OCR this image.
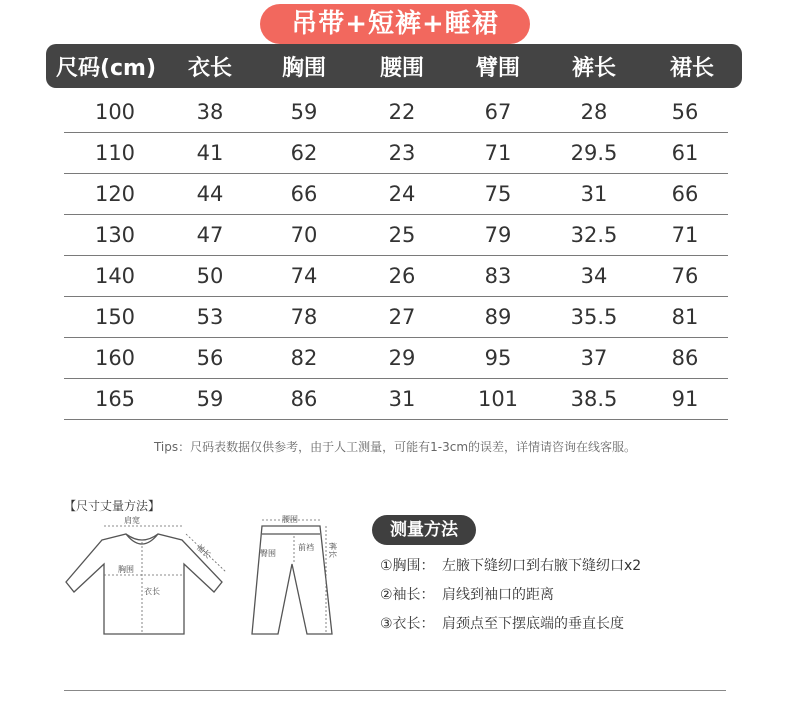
吊带+短裤+睡裙
尺码(cm)	衣长	胸围	腰围	臂围	裤长	裙长
100	38	59	22	67	28	56
110	41	62	23	71	29.5	61
120	44	66	24	75	31	66
130	47	70	25	79	32.5	71
140	50	74	26	83	34	76
150	53	78	27	89	35.5	81
160	56	82	29	95	37	86
165	59	86	31	101	38.5	91
Tips：尺码表数据仅供参考，由于人工测量，可能有1-3cm的误差，详情请咨询在线客服。
【尺寸丈量方法】
肩宽
胸围
衣长
袖长
腰围
臀围	裤长
前裆
测量方法
①胸围： 左腋下缝纫口到右腋下缝纫口x2
②袖长： 肩线到袖口的距离
③衣长： 肩颈点至下摆底端的垂直长度
